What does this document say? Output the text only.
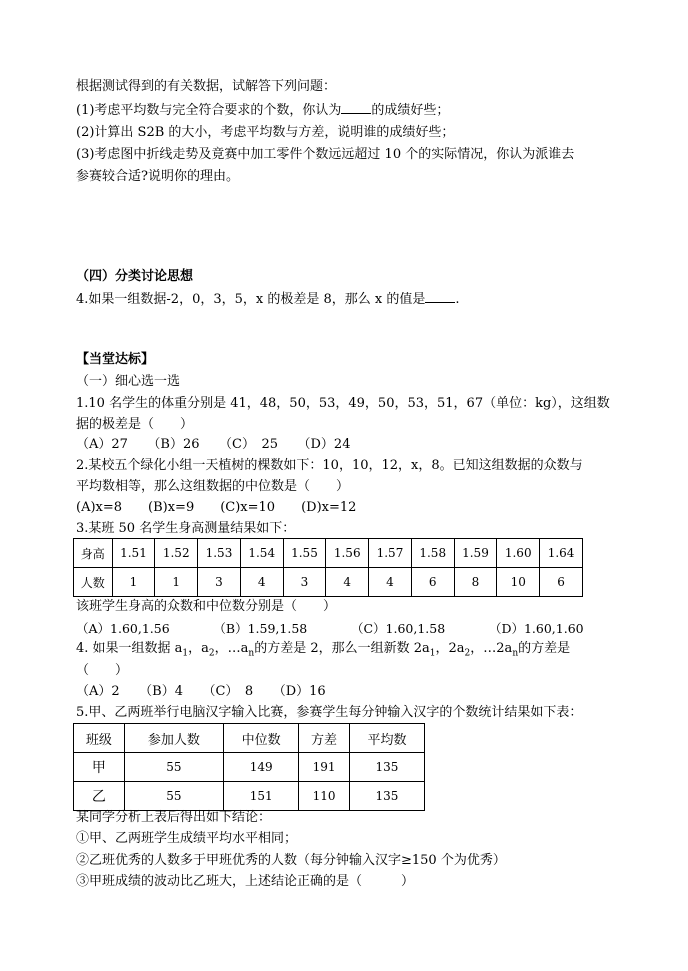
根据测试得到的有关数据，试解答下列问题：
(1)考虑平均数与完全符合要求的个数，你认为 的成绩好些；
(2)计算出 S2B 的大小，考虑平均数与方差，说明谁的成绩好些；
(3)考虑图中折线走势及竟赛中加工零件个数远远超过 10 个的实际情况，你认为派谁去
参赛较合适?说明你的理由。
（四）分类讨论思想
4.如果一组数据-2，0，3，5，x 的极差是 8，那么 x 的值是 .
【当堂达标】
（一）细心选一选
1.10 名学生的体重分别是 41，48，50，53，49，50，53，51，67（单位：kg），这组数
据的极差是（　　）
（A）27　　（B）26　　（C）　25　　（D）24
2.某校五个绿化小组一天植树的棵数如下：10，10，12，x，8。已知这组数据的众数与
平均数相等，那么这组数据的中位数是（　　）
(A)x=8　　(B)x=9　　(C)x=10　　(D)x=12
3.某班 50 名学生身高测量结果如下：
身高	1.51	1.52	1.53	1.54	1.55	1.56	1.57	1.58	1.59	1.60	1.64
人数	1	1	3	4	3	4	4	6	8	10	6
该班学生身高的众数和中位数分别是（　　）
（A）1.60,1.56　　　　（B）1.59,1.58　　　　（C）1.60,1.58　　　　（D）1.60,1.60
4. 如果一组数据 $a_1$，$a_2$，$\dots a_n$的方差是 2，那么一组新数 $2a_1$，$2a_2$，$\dots 2a_n$的方差是
（　　）
（A）2　　（B）4　　（C）　8　　（D）16
5.甲、乙两班举行电脑汉字输入比赛，参赛学生每分钟输入汉字的个数统计结果如下表：
班级	参加人数	中位数	方差	平均数
甲	55	149	191	135
乙	55	151	110	135
某同学分析上表后得出如下结论：
①甲、乙两班学生成绩平均水平相同；
②乙班优秀的人数多于甲班优秀的人数（每分钟输入汉字≥150 个为优秀）
③甲班成绩的波动比乙班大，上述结论正确的是（　　　）
